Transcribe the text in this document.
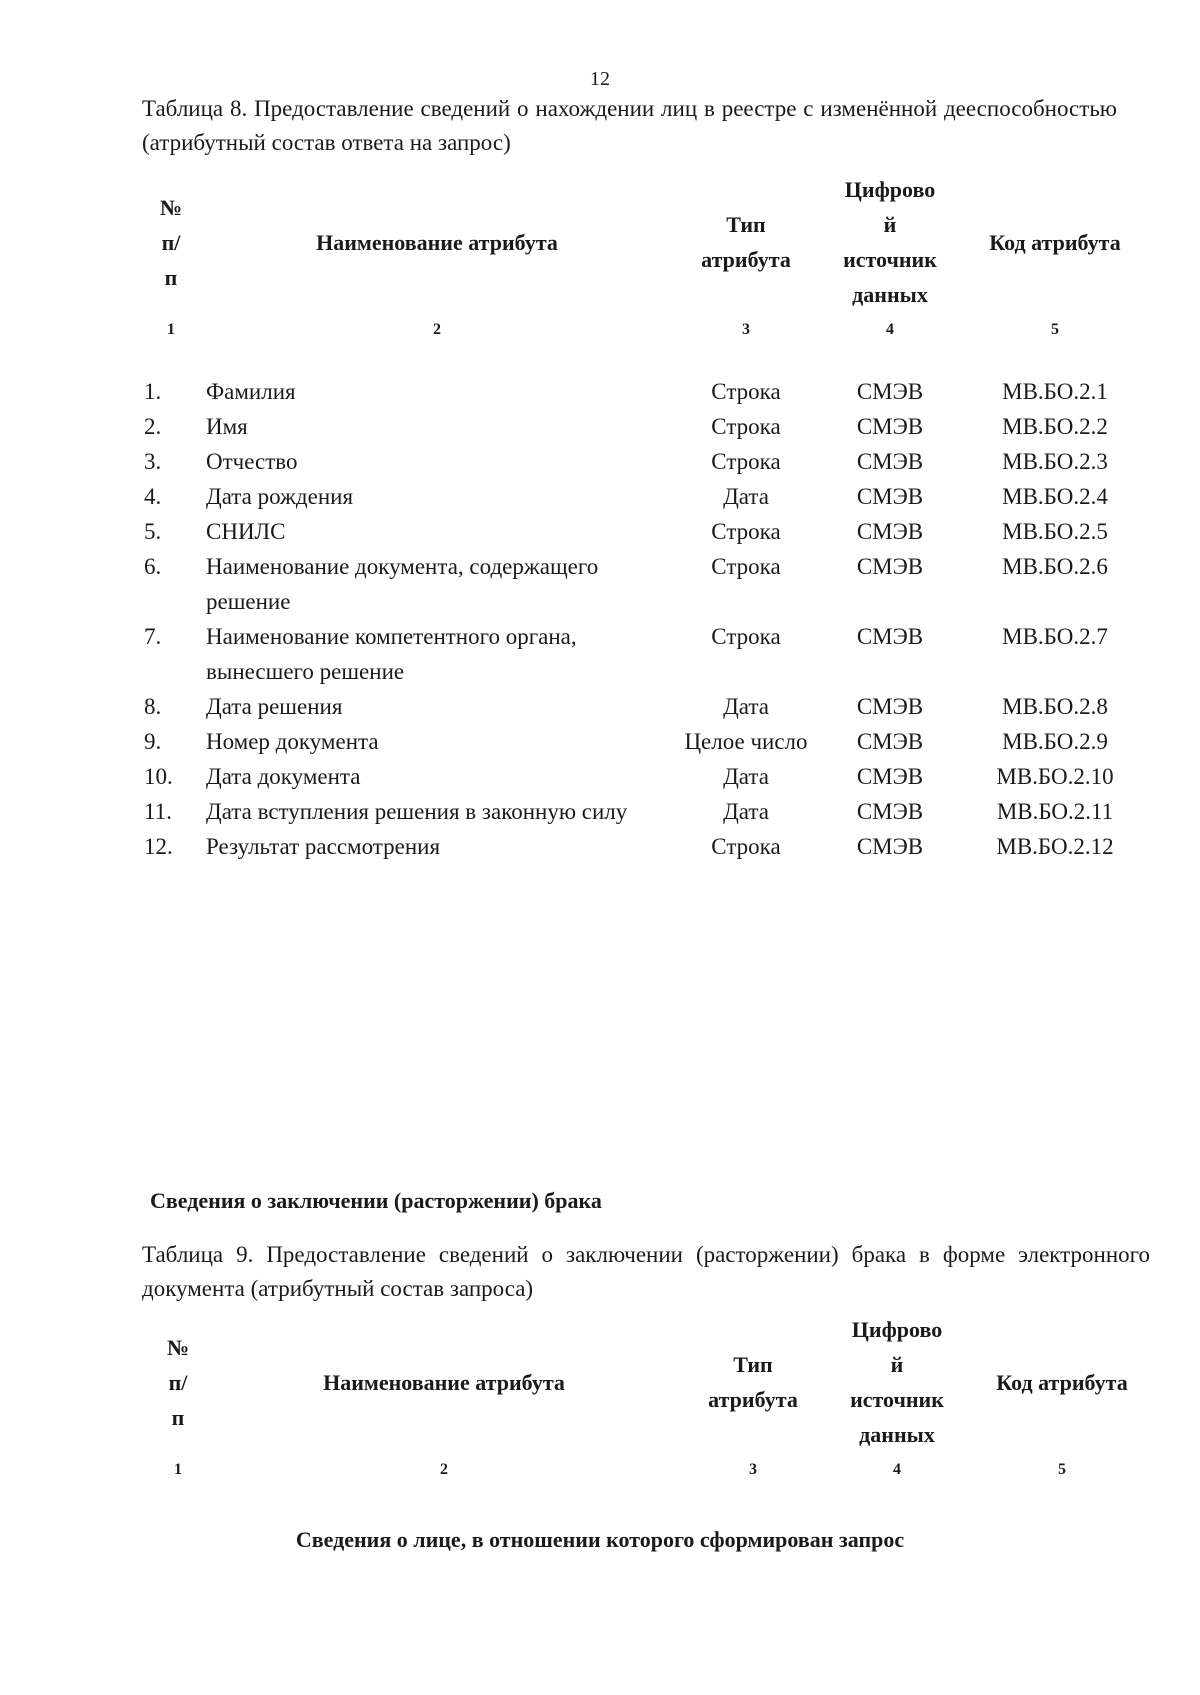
12
Таблица 8. Предоставление сведений о нахождении лиц в реестре с изменённой дееспособностью (атрибутный состав ответа на запрос)
№ п/ п	Наименование атрибута	Тип атрибута	Цифрово й источник данных	Код атрибута
1	2	3	4	5
1.	Фамилия	Строка	СМЭВ	МВ.БО.2.1
2.	Имя	Строка	СМЭВ	МВ.БО.2.2
3.	Отчество	Строка	СМЭВ	МВ.БО.2.3
4.	Дата рождения	Дата	СМЭВ	МВ.БО.2.4
5.	СНИЛС	Строка	СМЭВ	МВ.БО.2.5
6.	Наименование документа, содержащего решение	Строка	СМЭВ	МВ.БО.2.6
7.	Наименование компетентного органа, вынесшего решение	Строка	СМЭВ	МВ.БО.2.7
8.	Дата решения	Дата	СМЭВ	МВ.БО.2.8
9.	Номер документа	Целое число	СМЭВ	МВ.БО.2.9
10.	Дата документа	Дата	СМЭВ	МВ.БО.2.10
11.	Дата вступления решения в законную силу	Дата	СМЭВ	МВ.БО.2.11
12.	Результат рассмотрения	Строка	СМЭВ	МВ.БО.2.12
Сведения о заключении (расторжении) брака
Таблица 9. Предоставление сведений о заключении (расторжении) брака в форме электронного документа (атрибутный состав запроса)
№ п/ п	Наименование атрибута	Тип атрибута	Цифрово й источник данных	Код атрибута
1	2	3	4	5
Сведения о лице, в отношении которого сформирован запрос
